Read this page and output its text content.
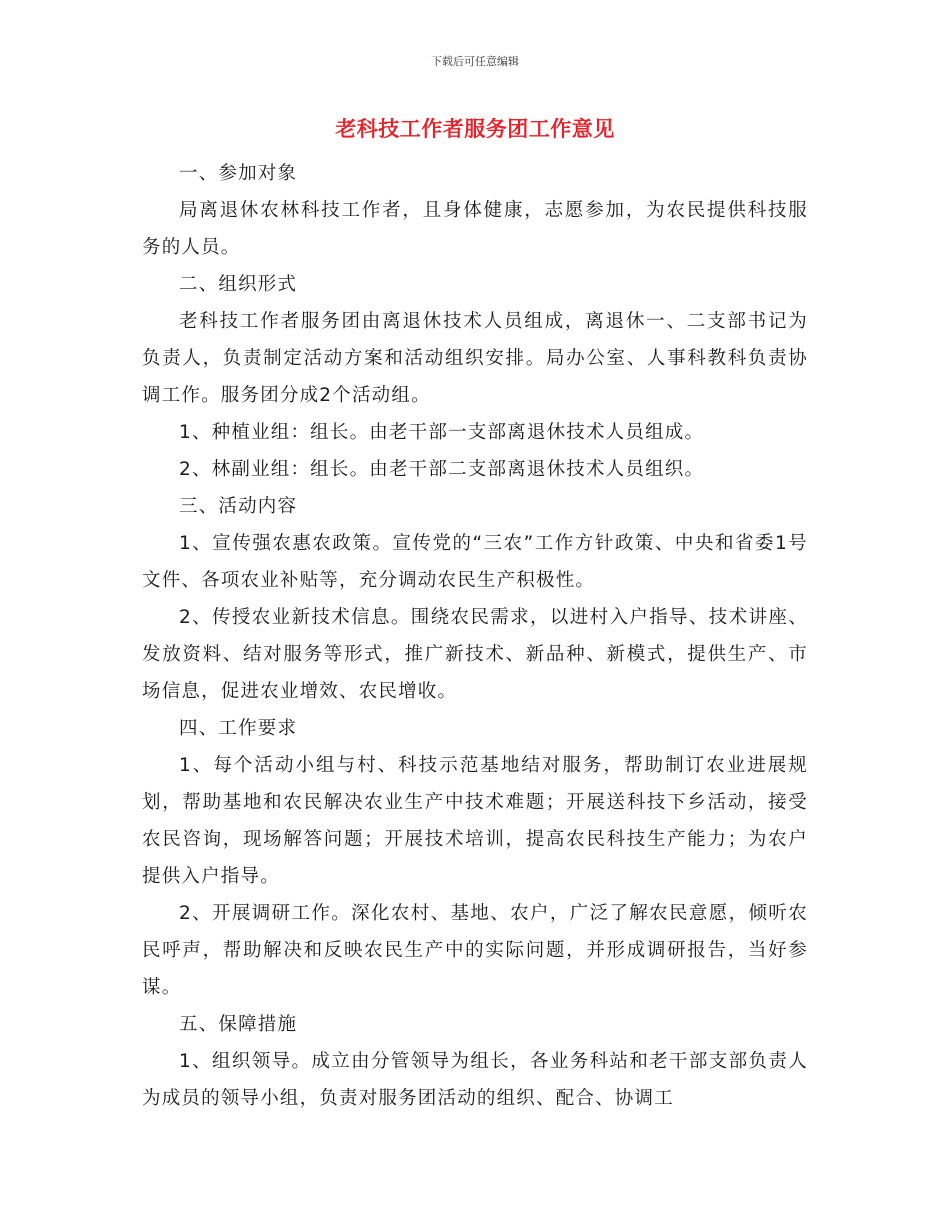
下载后可任意编辑
老科技工作者服务团工作意见

一、参加对象

局离退休农林科技工作者，且身体健康，志愿参加，为农民提供科技服务的人员。

二、组织形式

老科技工作者服务团由离退休技术人员组成，离退休一、二支部书记为负责人，负责制定活动方案和活动组织安排。局办公室、人事科教科负责协调工作。服务团分成2个活动组。

1、种植业组：组长。由老干部一支部离退休技术人员组成。

2、林副业组：组长。由老干部二支部离退休技术人员组织。

三、活动内容

1、宣传强农惠农政策。宣传党的“三农”工作方针政策、中央和省委1号文件、各项农业补贴等，充分调动农民生产积极性。

2、传授农业新技术信息。围绕农民需求，以进村入户指导、技术讲座、发放资料、结对服务等形式，推广新技术、新品种、新模式，提供生产、市场信息，促进农业增效、农民增收。

四、工作要求

1、每个活动小组与村、科技示范基地结对服务，帮助制订农业进展规划，帮助基地和农民解决农业生产中技术难题；开展送科技下乡活动，接受农民咨询，现场解答问题；开展技术培训，提高农民科技生产能力；为农户提供入户指导。

2、开展调研工作。深化农村、基地、农户，广泛了解农民意愿，倾听农民呼声，帮助解决和反映农民生产中的实际问题，并形成调研报告，当好参谋。

五、保障措施

1、组织领导。成立由分管领导为组长，各业务科站和老干部支部负责人为成员的领导小组，负责对服务团活动的组织、配合、协调工
